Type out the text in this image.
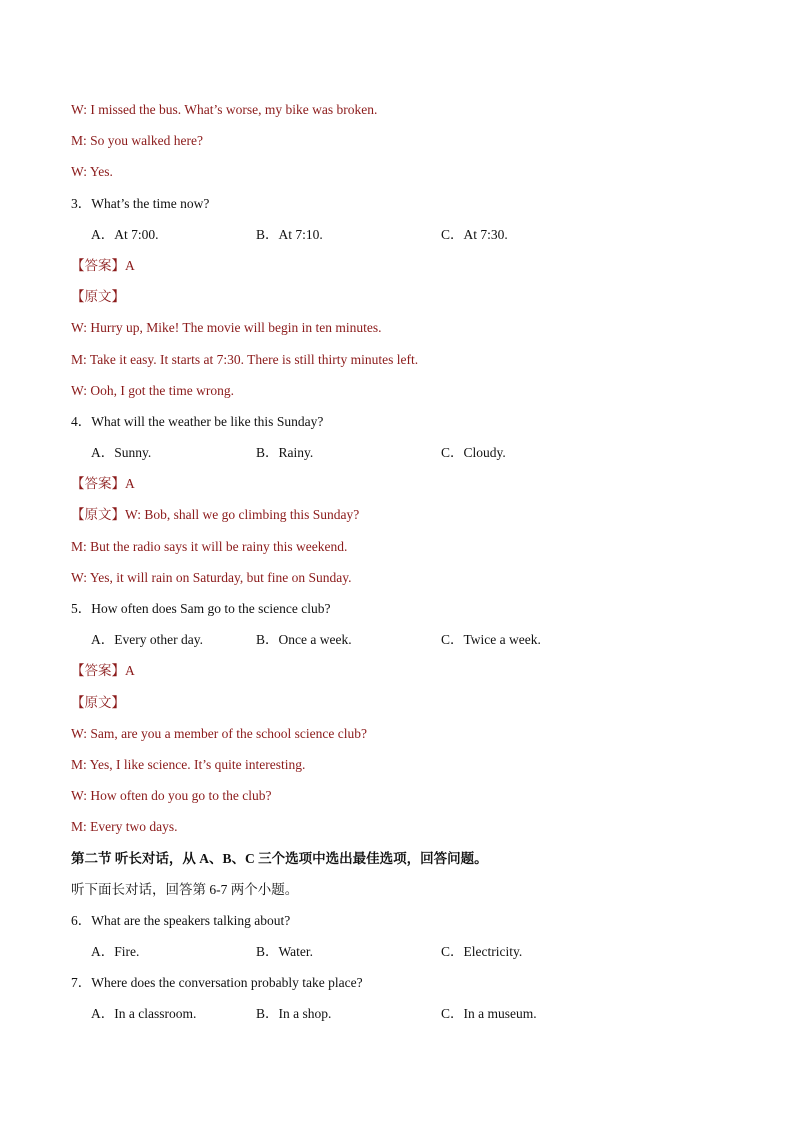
W: I missed the bus. What’s worse, my bike was broken.
M: So you walked here?
W: Yes.
3．What’s the time now?
A．At 7:00.	B．At 7:10.	C．At 7:30.
【答案】A
【原文】
W: Hurry up, Mike! The movie will begin in ten minutes.
M: Take it easy. It starts at 7:30. There is still thirty minutes left.
W: Ooh, I got the time wrong.
4．What will the weather be like this Sunday?
A．Sunny.	B．Rainy.	C．Cloudy.
【答案】A
【原文】W: Bob, shall we go climbing this Sunday?
M: But the radio says it will be rainy this weekend.
W: Yes, it will rain on Saturday, but fine on Sunday.
5．How often does Sam go to the science club?
A．Every other day.	B．Once a week.	C．Twice a week.
【答案】A
【原文】
W: Sam, are you a member of the school science club?
M: Yes, I like science. It’s quite interesting.
W: How often do you go to the club?
M: Every two days.
第二节 听长对话，从 A、B、C 三个选项中选出最佳选项，回答问题。
听下面长对话，回答第 6-7 两个小题。
6．What are the speakers talking about?
A．Fire.	B．Water.	C．Electricity.
7．Where does the conversation probably take place?
A．In a classroom.	B．In a shop.	C．In a museum.
